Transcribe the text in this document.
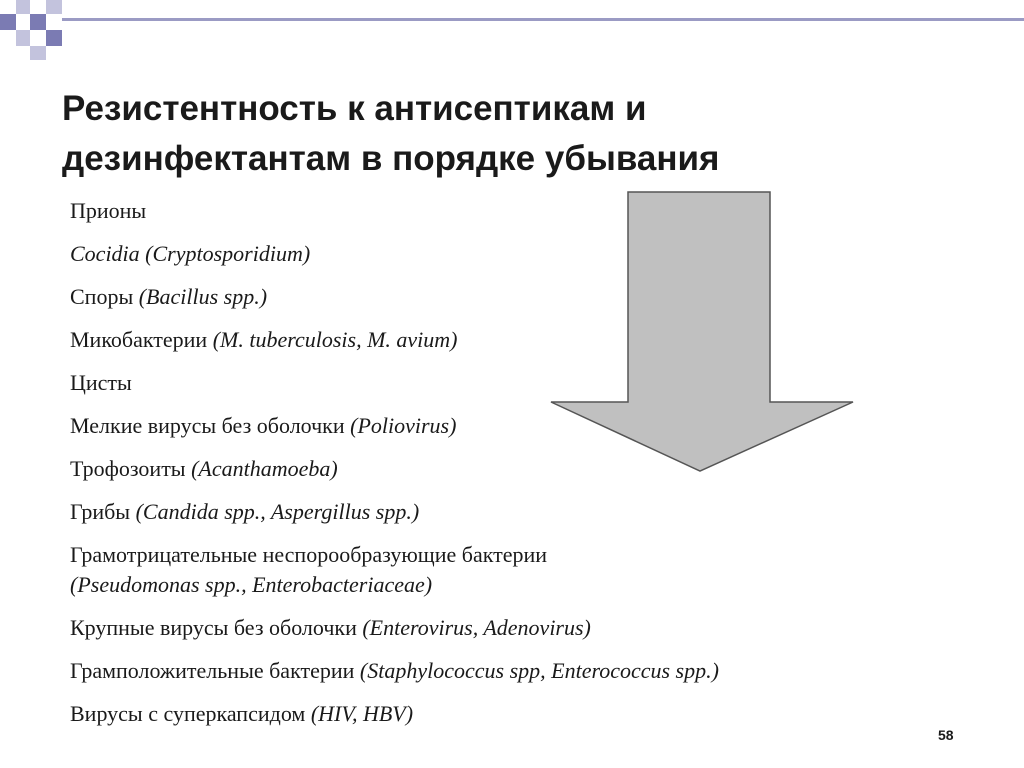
Резистентность к антисептикам и
дезинфектантам в порядке убывания
Прионы
Cocidia (Cryptosporidium)
Споры (Bacillus spp.)
Микобактерии (M. tuberculosis, M. avium)
Цисты
Мелкие вирусы без оболочки (Poliovirus)
Трофозоиты (Acanthamoeba)
Грибы (Candida spp., Aspergillus spp.)
Грамотрицательные неспорообразующие бактерии
(Pseudomonas spp., Enterobacteriaceae)
Крупные вирусы без оболочки (Enterovirus, Adenovirus)
Грамположительные бактерии (Staphylococcus spp, Enterococcus spp.)
Вирусы с суперкапсидом (HIV, HBV)
58
